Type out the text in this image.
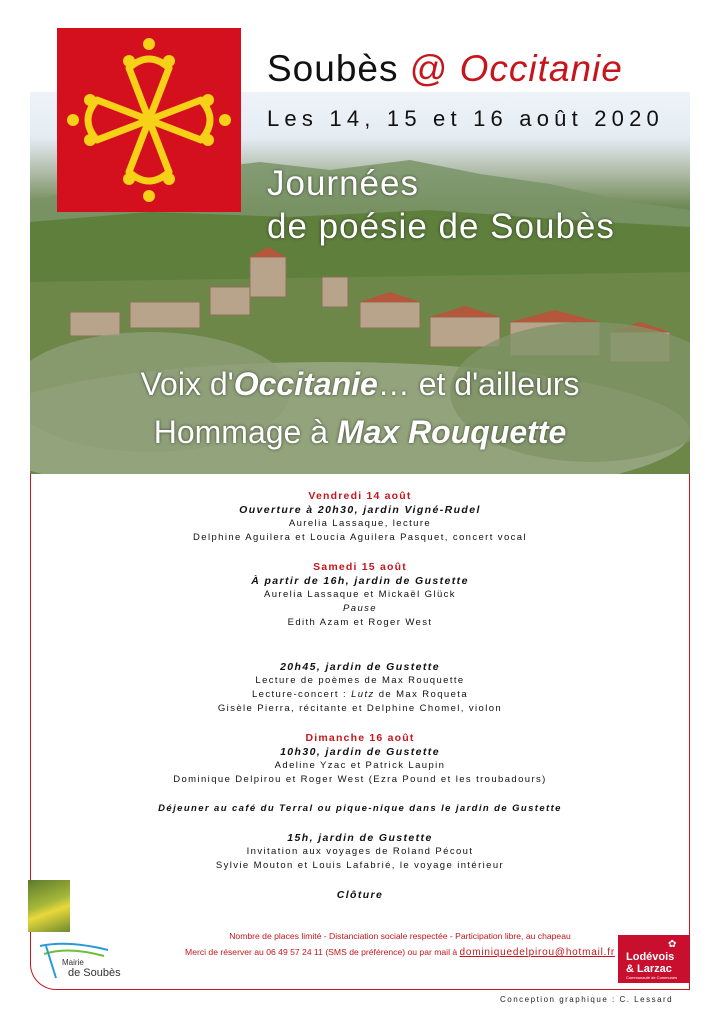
Soubès @ Occitanie
Les 14, 15 et 16 août 2020
Journées
de poésie de Soubès
Voix d'Occitanie… et d'ailleurs
Hommage à Max Rouquette
Vendredi 14 août
Ouverture à 20h30, jardin Vigné-Rudel
Aurelia Lassaque, lecture
Delphine Aguilera et Loucia Aguilera Pasquet, concert vocal
Samedi 15 août
À partir de 16h, jardin de Gustette
Aurelia Lassaque et Mickaël Glück
Pause
Edith Azam et Roger West
20h45, jardin de Gustette
Lecture de poèmes de Max Rouquette
Lecture-concert : Lutz de Max Roqueta
Gisèle Pierra, récitante et Delphine Chomel, violon
Dimanche 16 août
10h30, jardin de Gustette
Adeline Yzac et Patrick Laupin
Dominique Delpirou et Roger West (Ezra Pound et les troubadours)
Déjeuner au café du Terral ou pique-nique dans le jardin de Gustette
15h, jardin de Gustette
Invitation aux voyages de Roland Pécout
Sylvie Mouton et Louis Lafabrié, le voyage intérieur
Clôture
Nombre de places limité - Distanciation sociale respectée - Participation libre, au chapeau
Merci de réserver au 06 49 57 24 11 (SMS de préférence) ou par mail à dominiquedelpirou@hotmail.fr
Mairie
de Soubès
Lodévois
& Larzac
Communauté de Communes
✿
Conception graphique : C. Lessard
